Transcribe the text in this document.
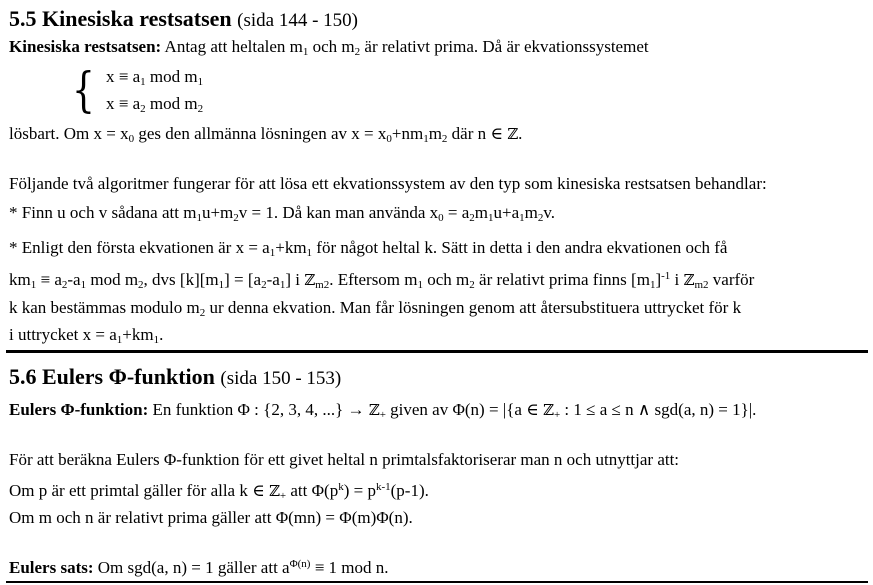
5.5 Kinesiska restsatsen (sida 144 - 150)
Kinesiska restsatsen: Antag att heltalen $m_1$ och $m_2$ är relativt prima. Då är ekvationssystemet
{ $x \equiv a_1$ mod $m_1$
$x \equiv a_2$ mod $m_2$
lösbart. Om $x = x_0$ ges den allmänna lösningen av $x = x_0+nm_1m_2$ där n ∈ ℤ.
Följande två algoritmer fungerar för att lösa ett ekvationssystem av den typ som kinesiska restsatsen behandlar:
* Finn u och v sådana att $m_1u+m_2v = 1$. Då kan man använda $x_0 = a_2m_1u+a_1m_2v$.
* Enligt den första ekvationen är $x = a_1+km_1$ för något heltal k. Sätt in detta i den andra ekvationen och få
$km_1 \equiv a_2-a_1$ mod $m_2$, dvs $[k][m_1] = [a_2-a_1]$ i ℤ$_{m2}$. Eftersom $m_1$ och $m_2$ är relativt prima finns $[m_1]^{-1}$ i ℤ$_{m2}$ varför
k kan bestämmas modulo $m_2$ ur denna ekvation. Man får lösningen genom att återsubstituera uttrycket för k
i uttrycket $x = a_1+km_1$.
5.6 Eulers Φ-funktion (sida 150 - 153)
Eulers Φ-funktion: En funktion Φ : {2, 3, 4, ...} → ℤ$_+$ given av Φ(n) = |{a ∈ ℤ$_+$ : 1 ≤ a ≤ n ∧ sgd(a, n) = 1}|.
För att beräkna Eulers Φ-funktion för ett givet heltal n primtalsfaktoriserar man n och utnyttjar att:
Om p är ett primtal gäller för alla k ∈ ℤ$_+$ att $\Phi(p^k) = p^{k-1}(p-1)$.
Om m och n är relativt prima gäller att Φ(mn) = Φ(m)Φ(n).
Eulers sats: Om sgd(a, n) = 1 gäller att $a^{\Phi(n)} \equiv 1$ mod n.
